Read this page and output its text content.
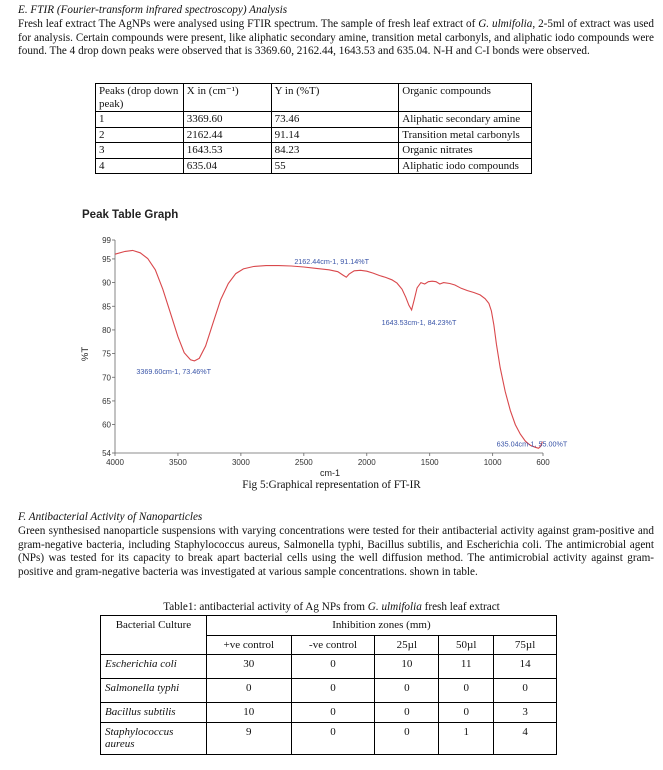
E. FTIR (Fourier-transform infrared spectroscopy) Analysis
Fresh leaf extract The AgNPs were analysed using FTIR spectrum. The sample of fresh leaf extract of G. ulmifolia, 2-5ml of extract was used for analysis. Certain compounds were present, like aliphatic secondary amine, transition metal carbonyls, and aliphatic iodo compounds were found. The 4 drop down peaks were observed that is 3369.60, 2162.44, 1643.53 and 635.04. N-H and C-I bonds were observed.
Peaks (drop down peak)	X in (cm⁻¹)	Y in (%T)	Organic compounds
1	3369.60	73.46	Aliphatic secondary amine
2	2162.44	91.14	Transition metal carbonyls
3	1643.53	84.23	Organic nitrates
4	635.04	55	Aliphatic iodo compounds
Peak Table Graph
%T
cm-1
54
60
65
70
75
80
85
90
95
99
4000	3500	3000	2500	2000	1500	1000	600
3369.60cm-1, 73.46%T
2162.44cm-1, 91.14%T
1643.53cm-1, 84.23%T
635.04cm-1, 55.00%T
Fig 5:Graphical representation of FT-IR
F. Antibacterial Activity of Nanoparticles
Green synthesised nanoparticle suspensions with varying concentrations were tested for their antibacterial activity against gram-positive and gram-negative bacteria, including Staphylococcus aureus, Salmonella typhi, Bacillus subtilis, and Escherichia coli. The antimicrobial agent (NPs) was tested for its capacity to break apart bacterial cells using the well diffusion method. The antimicrobial activity against gram-positive and gram-negative bacteria was investigated at various sample concentrations. shown in table.
Table1: antibacterial activity of Ag NPs from G. ulmifolia fresh leaf extract
Bacterial Culture	Inhibition zones (mm)				
	+ve control	-ve control	25µl	50µl	75µl
Escherichia coli	30	0	10	11	14
Salmonella typhi	0	0	0	0	0
Bacillus subtilis	10	0	0	0	3
Staphylococcus aureus	9	0	0	1	4
